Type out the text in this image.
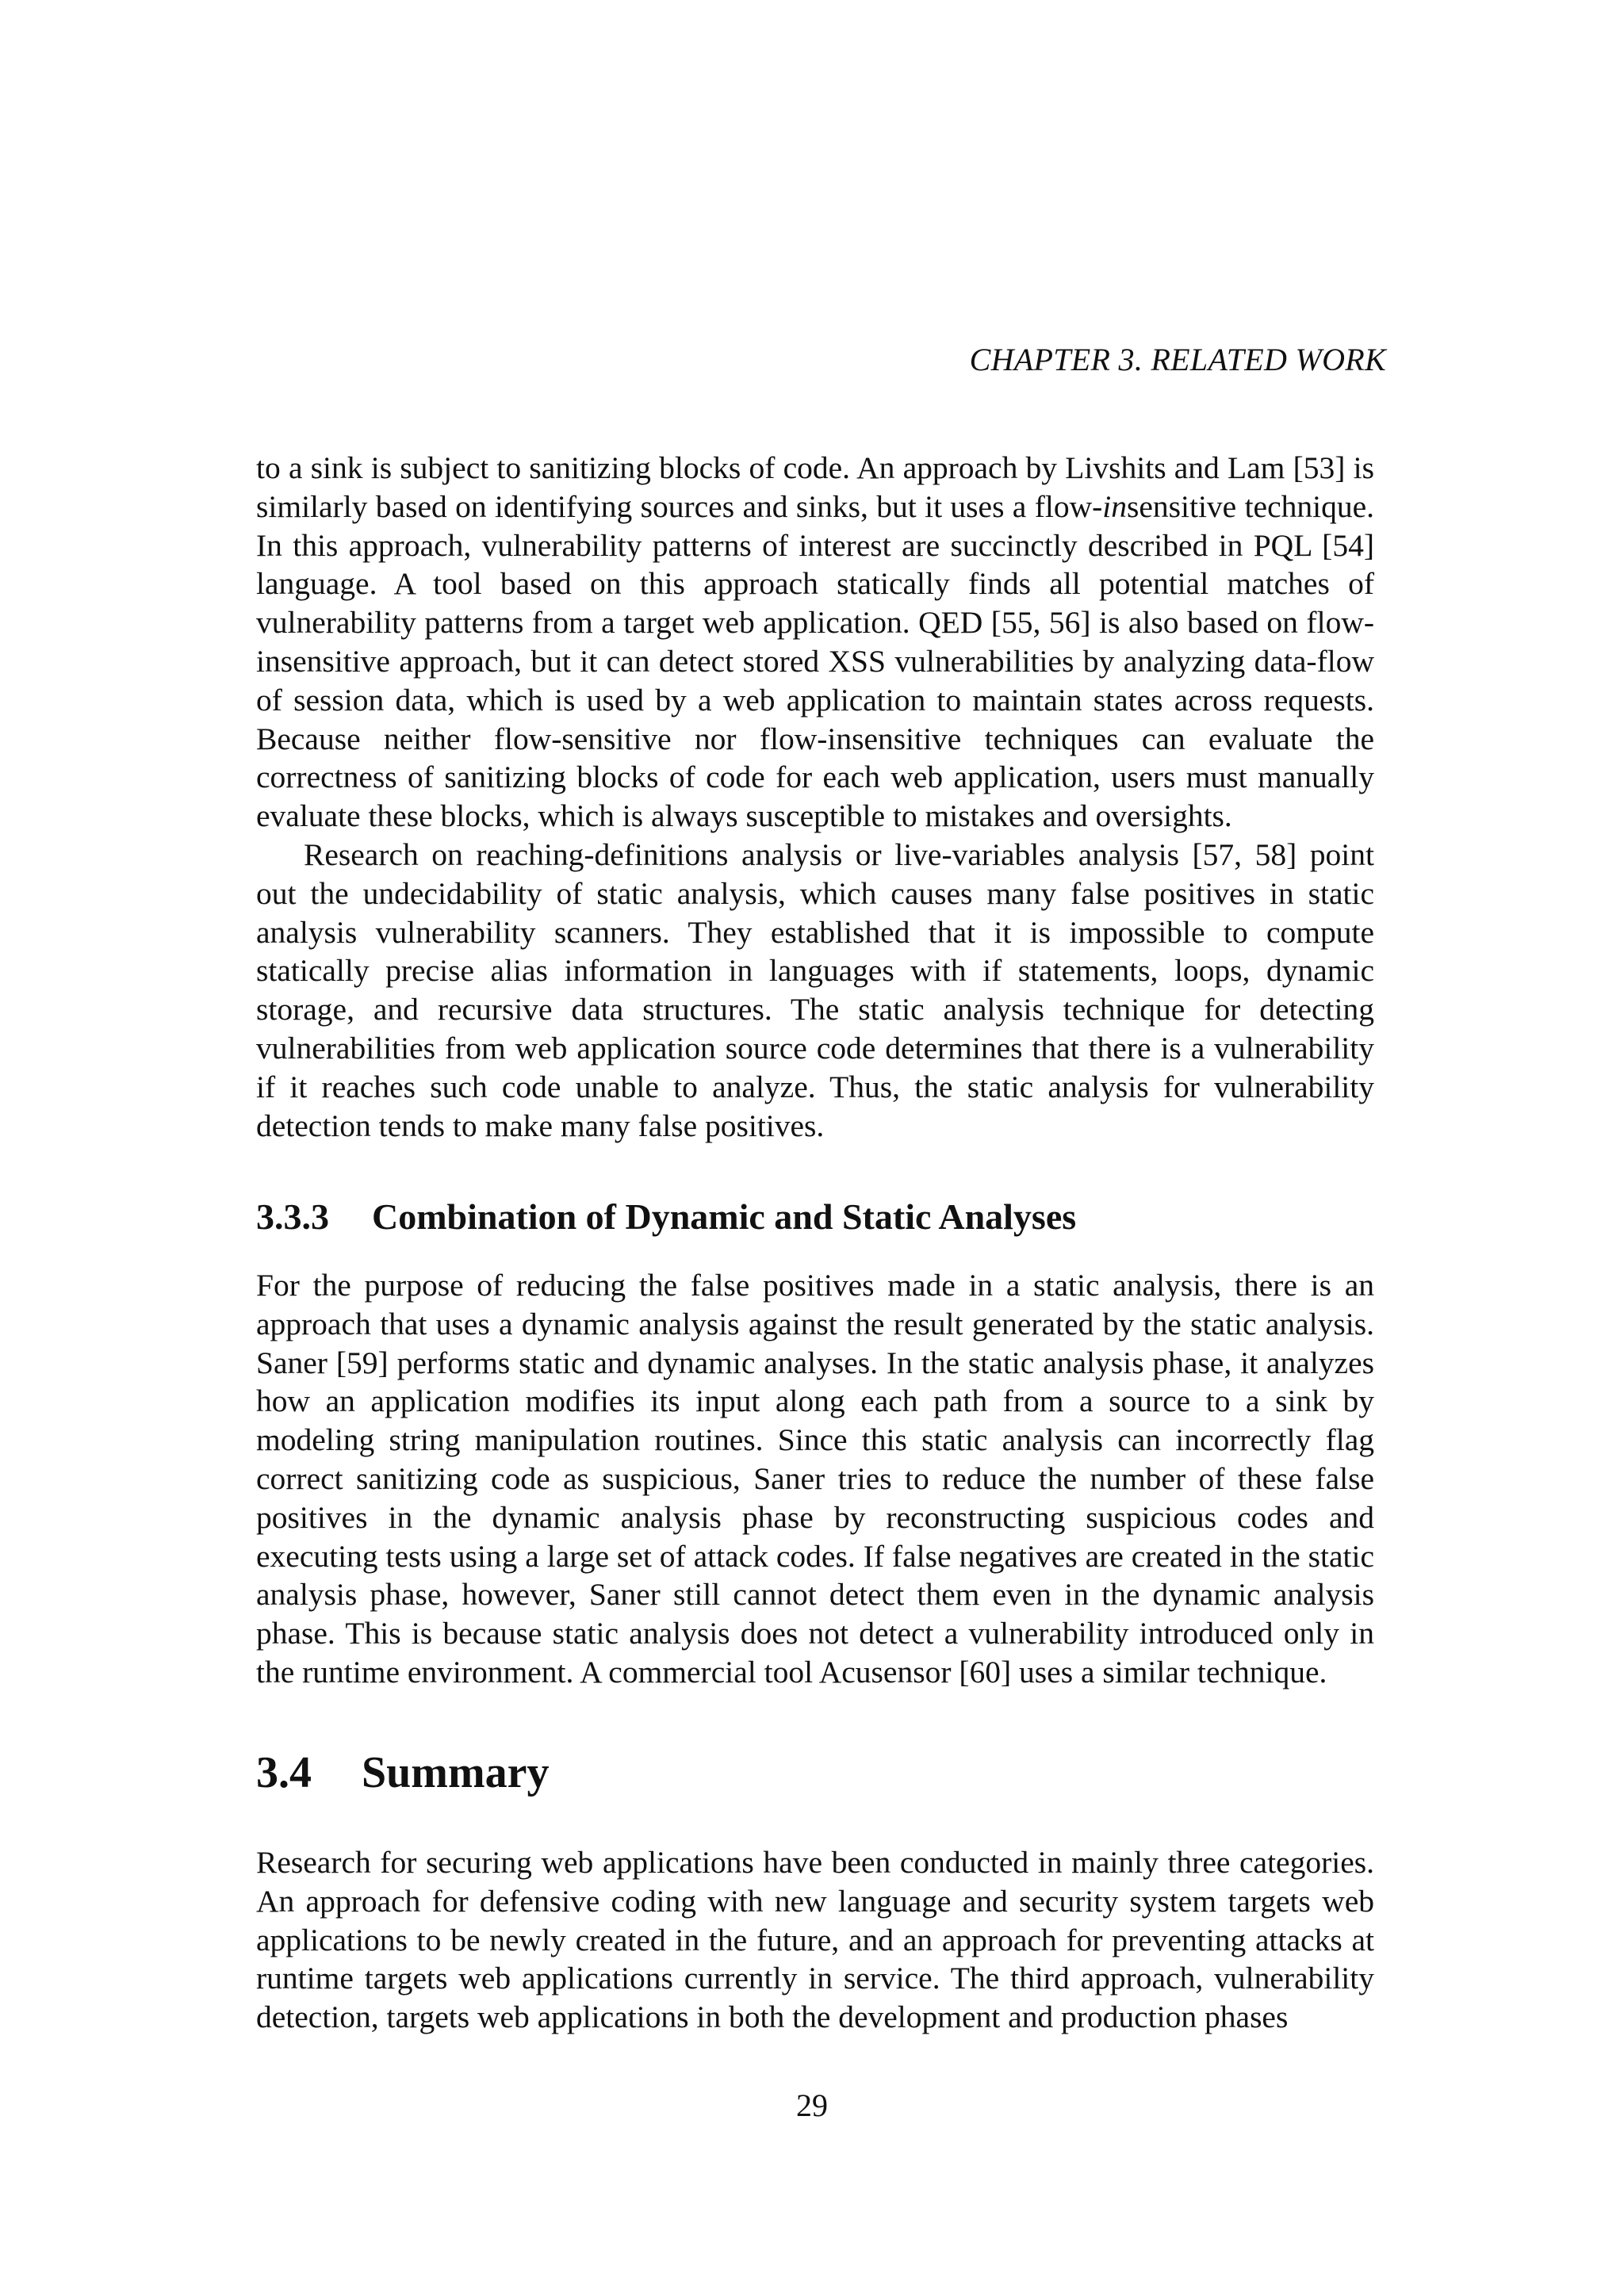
CHAPTER 3. RELATED WORK

to a sink is subject to sanitizing blocks of code. An approach by Livshits and Lam [53] is similarly based on identifying sources and sinks, but it uses a flow-insensitive technique. In this approach, vulnerability patterns of interest are succinctly described in PQL [54] language. A tool based on this approach statically finds all potential matches of vulnerability patterns from a target web application. QED [55, 56] is also based on flow-insensitive approach, but it can detect stored XSS vulnerabilities by analyzing data-flow of session data, which is used by a web application to maintain states across requests. Because neither flow-sensitive nor flow-insensitive techniques can evaluate the correctness of sanitizing blocks of code for each web application, users must manually evaluate these blocks, which is always susceptible to mistakes and oversights.

Research on reaching-definitions analysis or live-variables analysis [57, 58] point out the undecidability of static analysis, which causes many false positives in static analysis vulnerability scanners. They established that it is impossible to compute statically precise alias information in languages with if statements, loops, dynamic storage, and recursive data structures. The static analysis technique for detecting vulnerabilities from web application source code determines that there is a vulnerability if it reaches such code unable to analyze. Thus, the static analysis for vulnerability detection tends to make many false positives.

3.3.3 Combination of Dynamic and Static Analyses

For the purpose of reducing the false positives made in a static analysis, there is an approach that uses a dynamic analysis against the result generated by the static analysis. Saner [59] performs static and dynamic analyses. In the static analysis phase, it analyzes how an application modifies its input along each path from a source to a sink by modeling string manipulation routines. Since this static analysis can incorrectly flag correct sanitizing code as suspicious, Saner tries to reduce the number of these false positives in the dynamic analysis phase by reconstructing suspicious codes and executing tests using a large set of attack codes. If false negatives are created in the static analysis phase, however, Saner still cannot detect them even in the dynamic analysis phase. This is because static analysis does not detect a vulnerability introduced only in the runtime environment. A commercial tool Acusensor [60] uses a similar technique.

3.4 Summary

Research for securing web applications have been conducted in mainly three categories. An approach for defensive coding with new language and security system targets web applications to be newly created in the future, and an approach for preventing attacks at runtime targets web applications currently in service. The third approach, vulnerability detection, targets web applications in both the development and production phases

29
